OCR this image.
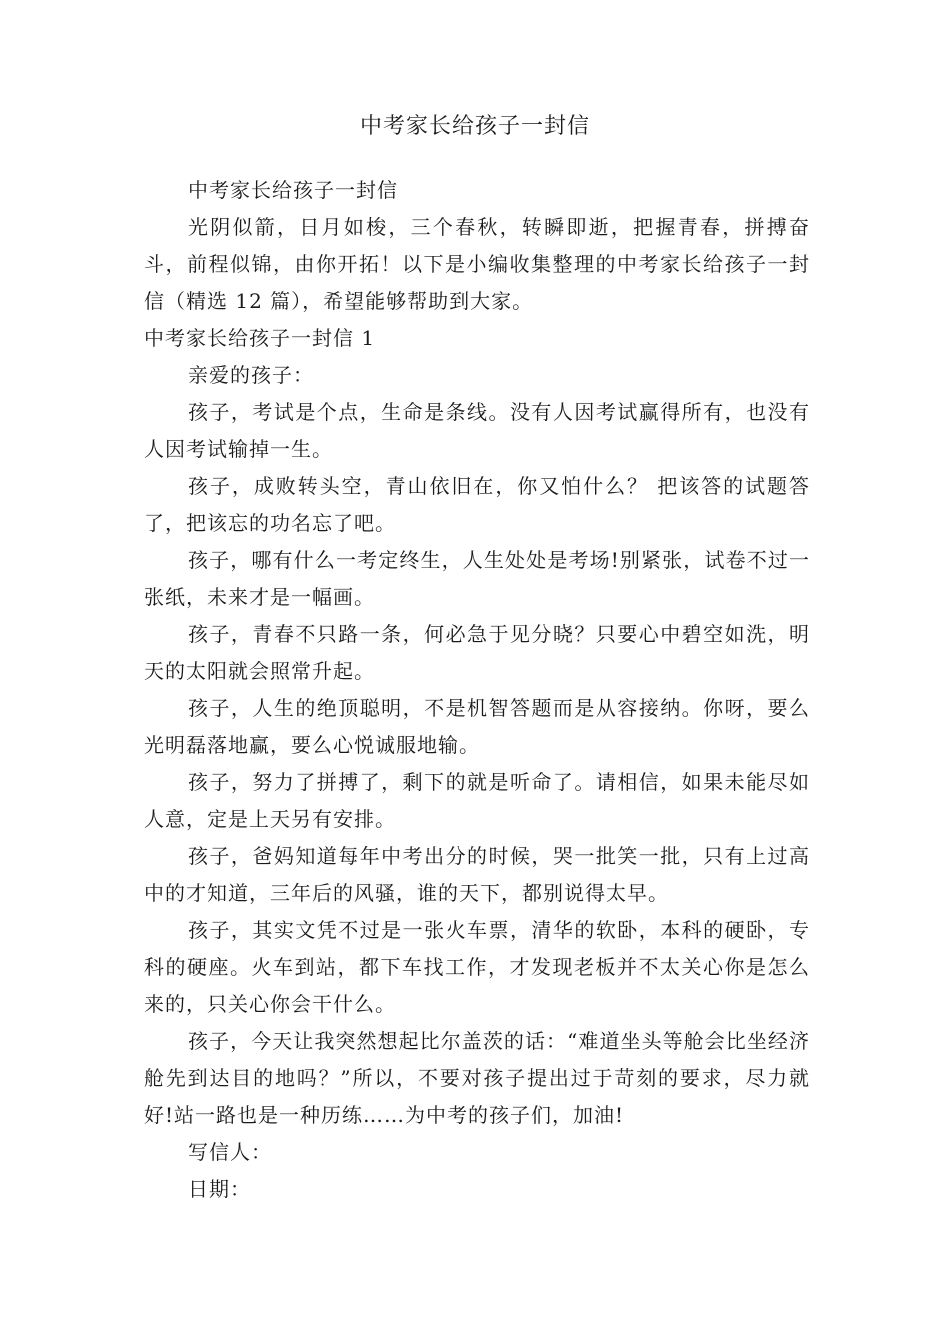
中考家长给孩子一封信

中考家长给孩子一封信

光阴似箭，日月如梭，三个春秋，转瞬即逝，把握青春，拼搏奋斗，前程似锦，由你开拓！以下是小编收集整理的中考家长给孩子一封信（精选 12 篇），希望能够帮助到大家。

中考家长给孩子一封信 1

亲爱的孩子：

孩子，考试是个点，生命是条线。没有人因考试赢得所有，也没有人因考试输掉一生。

孩子，成败转头空，青山依旧在，你又怕什么？ 把该答的试题答了，把该忘的功名忘了吧。

孩子，哪有什么一考定终生，人生处处是考场!别紧张，试卷不过一张纸，未来才是一幅画。

孩子，青春不只路一条，何必急于见分晓？只要心中碧空如洗，明天的太阳就会照常升起。

孩子，人生的绝顶聪明，不是机智答题而是从容接纳。你呀，要么光明磊落地赢，要么心悦诚服地输。

孩子，努力了拼搏了，剩下的就是听命了。请相信，如果未能尽如人意，定是上天另有安排。

孩子，爸妈知道每年中考出分的时候，哭一批笑一批，只有上过高中的才知道，三年后的风骚，谁的天下，都别说得太早。

孩子，其实文凭不过是一张火车票，清华的软卧，本科的硬卧，专科的硬座。火车到站，都下车找工作，才发现老板并不太关心你是怎么来的，只关心你会干什么。

孩子，今天让我突然想起比尔盖茨的话：“难道坐头等舱会比坐经济舱先到达目的地吗？”所以，不要对孩子提出过于苛刻的要求，尽力就好!站一路也是一种历练……为中考的孩子们，加油!

写信人：

日期：
